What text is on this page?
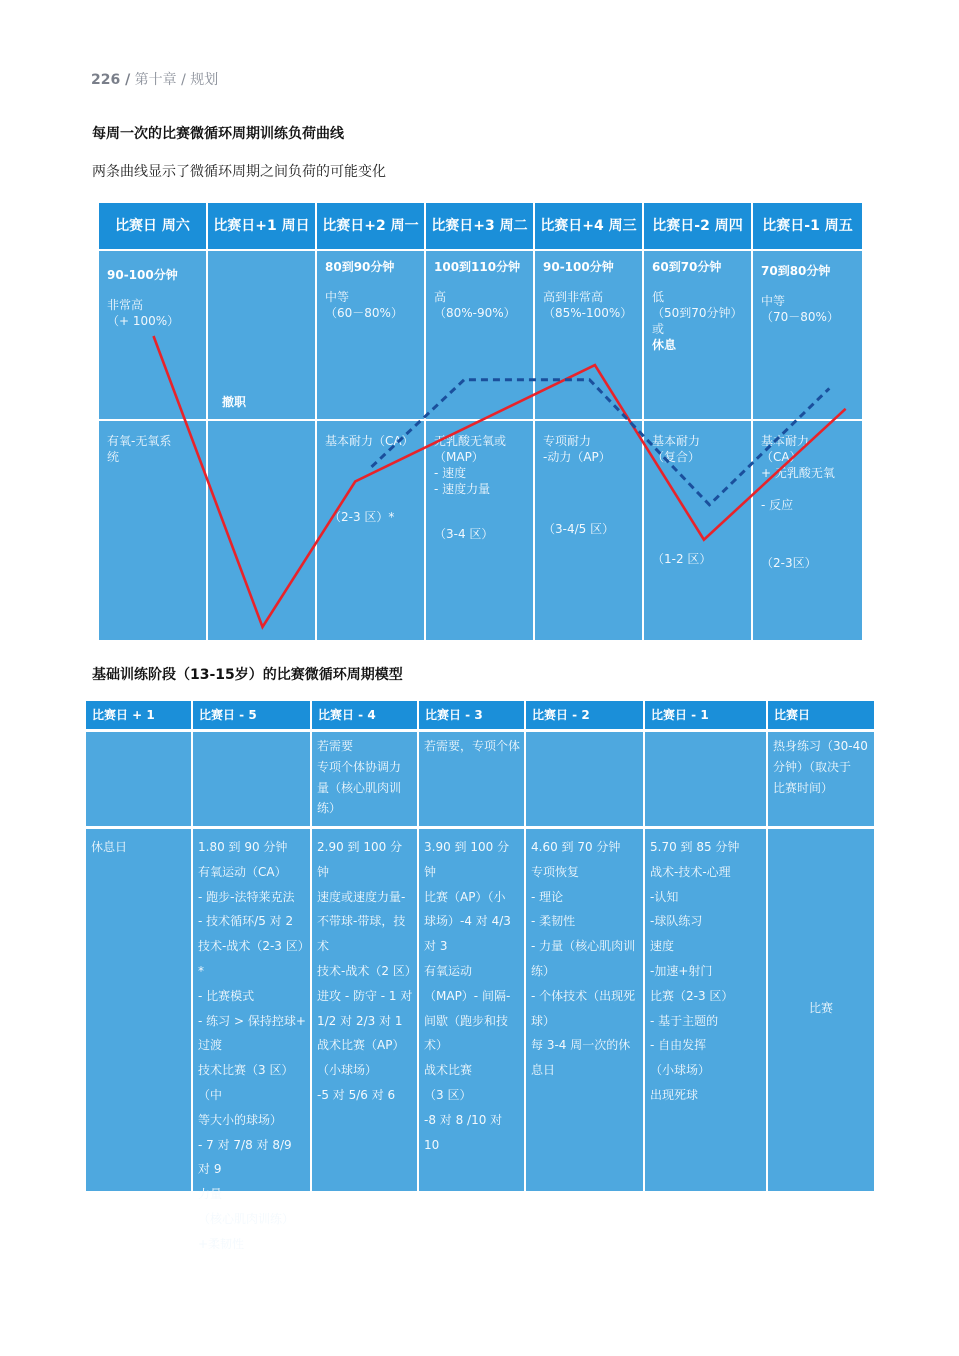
226 / 第十章 / 规划
每周一次的比赛微循环周期训练负荷曲线
两条曲线显示了微循环周期之间负荷的可能变化
比赛日 周六
90-100分钟
非常高
（+ 100%）
有氧-无氧系
统
比赛日+1 周日
撤职
比赛日+2 周一
80到90分钟
中等
（60－80%）
基本耐力（CA）
（2-3 区）*
比赛日+3 周二
100到110分钟
高
（80%-90%）
无乳酸无氧或
（MAP）
- 速度
- 速度力量
（3-4 区）
比赛日+4 周三
90-100分钟
高到非常高
（85%-100%）
专项耐力
-动力（AP）
（3-4/5 区）
比赛日-2 周四
60到70分钟
低
（50到70分钟）
或
休息
基本耐力
（复合）
（1-2 区）
比赛日-1 周五
70到80分钟
中等
（70－80%）
基本耐力
（CA）
+ 无乳酸无氧
- 反应
（2-3区）
基础训练阶段（13-15岁）的比赛微循环周期模型
比赛日 + 1
休息日
比赛日 - 5
1.80 到 90 分钟
有氧运动（CA）
- 跑步-法特莱克法
- 技术循环/5 对 2
技术-战术（2-3 区）
*
- 比赛模式
- 练习 > 保持控球+
过渡
技术比赛（3 区）（中
等大小的球场）
- 7 对 7/8 对 8/9 对 9
力量
（核心肌肉训练）
+柔韧性
比赛日 - 4
若需要
专项个体协调力
量（核心肌肉训
练）
2.90 到 100 分钟
速度或速度力量-
不带球-带球，技
术
技术-战术（2 区）
进攻 - 防守 - 1 对
1/2 对 2/3 对 1
战术比赛（AP）
（小球场）
-5 对 5/6 对 6
比赛日 - 3
若需要，专项个体
3.90 到 100 分钟
比赛（AP）（小
球场）-4 对 4/3
对 3
有氧运动
（MAP）- 间隔-
间歇（跑步和技
术）
战术比赛
（3 区）
-8 对 8 /10 对 10
比赛日 - 2
4.60 到 70 分钟
专项恢复
- 理论
- 柔韧性
- 力量（核心肌肉训
练）
- 个体技术（出现死
球）
每 3-4 周一次的休
息日
比赛日 - 1
5.70 到 85 分钟
战术-技术-心理
-认知
-球队练习
速度
-加速+射门
比赛（2-3 区）
- 基于主题的
- 自由发挥
（小球场）
出现死球
比赛日
热身练习（30-40
分钟）（取决于
比赛时间）
比赛
